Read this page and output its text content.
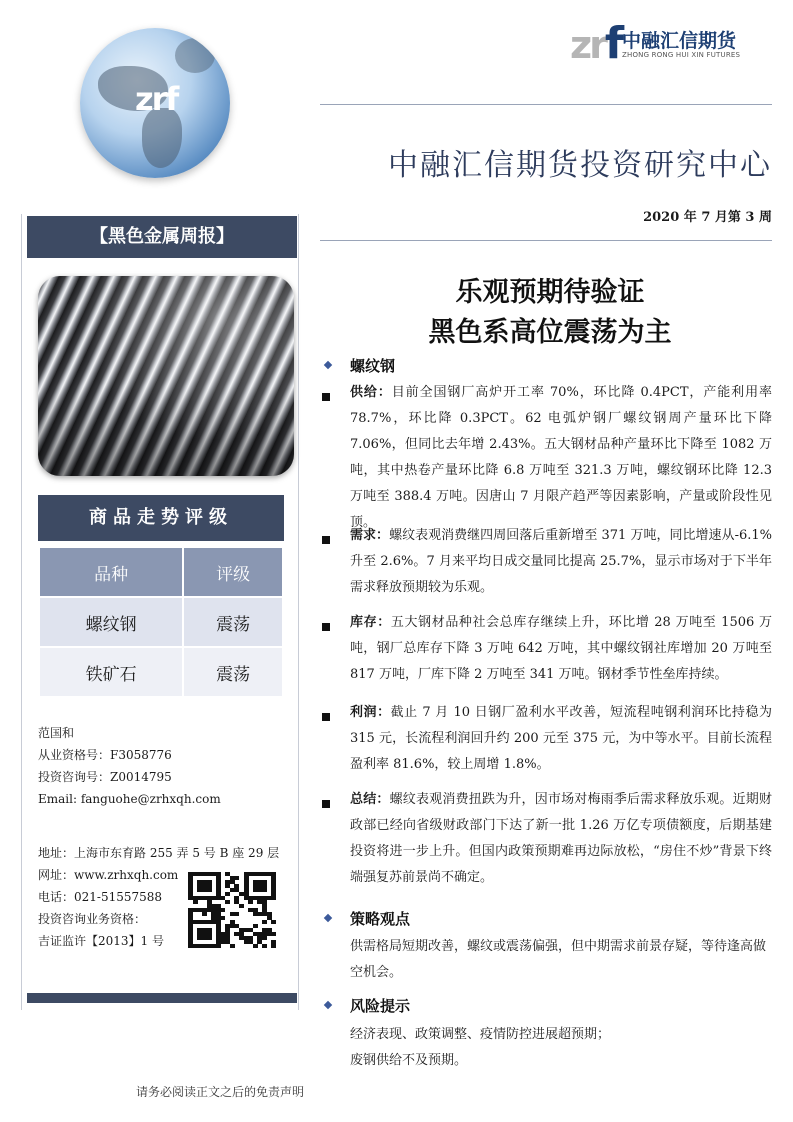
zrf
zrf 中融汇信期货
ZHONG RONG HUI XIN FUTURES
中融汇信期货投资研究中心
2020 年 7 月第 3 周
【黑色金属周报】
商品走势评级
品种	评级
螺纹钢	震荡
铁矿石	震荡
范国和
从业资格号：F3058776
投资咨询号：Z0014795
Email: fanguohe@zrhxqh.com
地址：上海市东育路 255 弄 5 号 B 座 29 层
网址：www.zrhxqh.com
电话：021-51557588
投资咨询业务资格：
吉证监许【2013】1 号
请务必阅读正文之后的免责声明
乐观预期待验证
黑色系高位震荡为主
螺纹钢
供给：目前全国钢厂高炉开工率 70%，环比降 0.4PCT，产能利用率 78.7%，环比降 0.3PCT。62 电弧炉钢厂螺纹钢周产量环比下降 7.06%，但同比去年增 2.43%。五大钢材品种产量环比下降至 1082 万吨，其中热卷产量环比降 6.8 万吨至 321.3 万吨，螺纹钢环比降 12.3 万吨至 388.4 万吨。因唐山 7 月限产趋严等因素影响，产量或阶段性见顶。
需求：螺纹表观消费继四周回落后重新增至 371 万吨，同比增速从-6.1%升至 2.6%。7 月来平均日成交量同比提高 25.7%，显示市场对于下半年需求释放预期较为乐观。
库存：五大钢材品种社会总库存继续上升，环比增 28 万吨至 1506 万吨，钢厂总库存下降 3 万吨 642 万吨，其中螺纹钢社库增加 20 万吨至 817 万吨，厂库下降 2 万吨至 341 万吨。钢材季节性垒库持续。
利润：截止 7 月 10 日钢厂盈利水平改善，短流程吨钢利润环比持稳为 315 元，长流程利润回升约 200 元至 375 元，为中等水平。目前长流程盈利率 81.6%，较上周增 1.8%。
总结：螺纹表观消费扭跌为升，因市场对梅雨季后需求释放乐观。近期财政部已经向省级财政部门下达了新一批 1.26 万亿专项债额度，后期基建投资将进一步上升。但国内政策预期难再边际放松，“房住不炒”背景下终端强复苏前景尚不确定。
策略观点
供需格局短期改善，螺纹或震荡偏强，但中期需求前景存疑，等待逢高做空机会。
风险提示
经济表现、政策调整、疫情防控进展超预期；
废钢供给不及预期。
